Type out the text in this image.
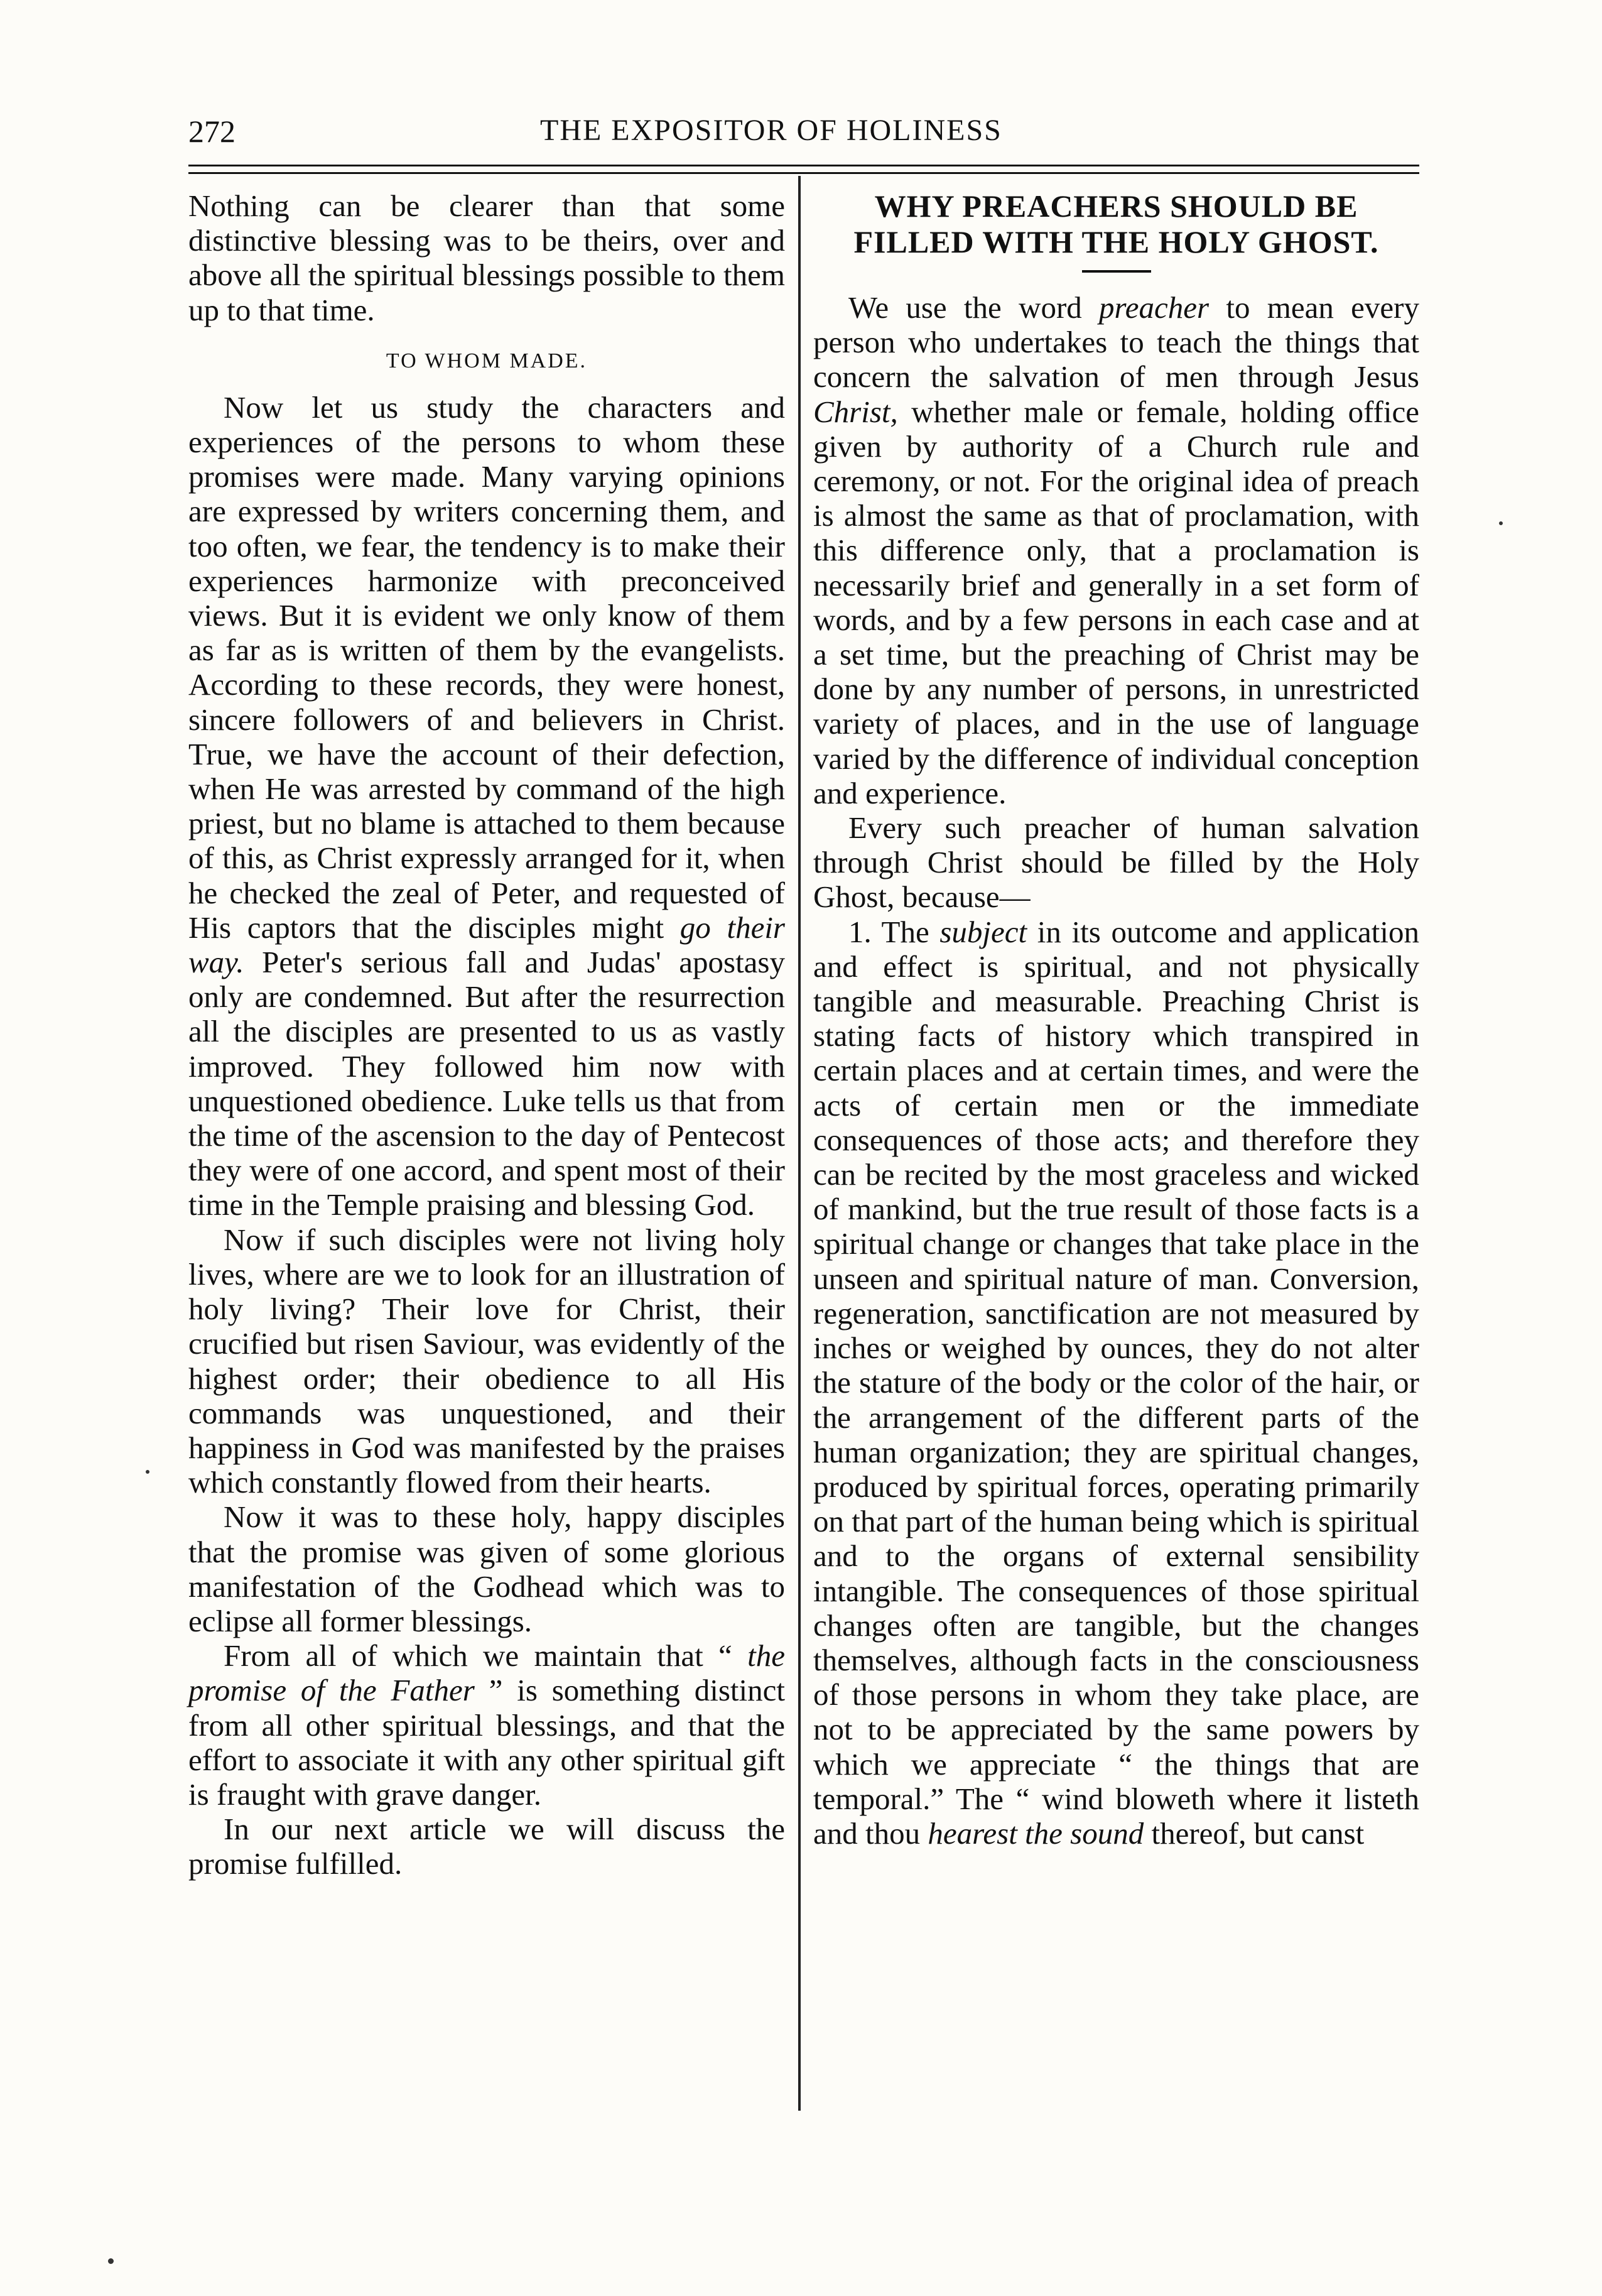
272	THE EXPOSITOR OF HOLINESS

Nothing can be clearer than that some distinctive blessing was to be theirs, over and above all the spiritual blessings possible to them up to that time.

TO WHOM MADE.

Now let us study the characters and experiences of the persons to whom these promises were made. Many varying opinions are expressed by writers concerning them, and too often, we fear, the tendency is to make their experiences harmonize with preconceived views. But it is evident we only know of them as far as is written of them by the evangelists. According to these records, they were honest, sincere followers of and believers in Christ. True, we have the account of their defection, when He was arrested by command of the high priest, but no blame is attached to them because of this, as Christ expressly arranged for it, when he checked the zeal of Peter, and requested of His captors that the disciples might go their way. Peter's serious fall and Judas' apostasy only are condemned. But after the resurrection all the disciples are presented to us as vastly improved. They followed him now with unquestioned obedience. Luke tells us that from the time of the ascension to the day of Pentecost they were of one accord, and spent most of their time in the Temple praising and blessing God.

Now if such disciples were not living holy lives, where are we to look for an illustration of holy living? Their love for Christ, their crucified but risen Saviour, was evidently of the highest order; their obedience to all His commands was unquestioned, and their happiness in God was manifested by the praises which constantly flowed from their hearts.

Now it was to these holy, happy disciples that the promise was given of some glorious manifestation of the Godhead which was to eclipse all former blessings.

From all of which we maintain that “ the promise of the Father ” is something distinct from all other spiritual blessings, and that the effort to associate it with any other spiritual gift is fraught with grave danger.

In our next article we will discuss the promise fulfilled.

WHY PREACHERS SHOULD BE FILLED WITH THE HOLY GHOST.

We use the word preacher to mean every person who undertakes to teach the things that concern the salvation of men through Jesus Christ, whether male or female, holding office given by authority of a Church rule and ceremony, or not. For the original idea of preach is almost the same as that of proclamation, with this difference only, that a proclamation is necessarily brief and generally in a set form of words, and by a few persons in each case and at a set time, but the preaching of Christ may be done by any number of persons, in unrestricted variety of places, and in the use of language varied by the difference of individual conception and experience.

Every such preacher of human salvation through Christ should be filled by the Holy Ghost, because—

1. The subject in its outcome and application and effect is spiritual, and not physically tangible and measurable. Preaching Christ is stating facts of history which transpired in certain places and at certain times, and were the acts of certain men or the immediate consequences of those acts; and therefore they can be recited by the most graceless and wicked of mankind, but the true result of those facts is a spiritual change or changes that take place in the unseen and spiritual nature of man. Conversion, regeneration, sanctification are not measured by inches or weighed by ounces, they do not alter the stature of the body or the color of the hair, or the arrangement of the different parts of the human organization; they are spiritual changes, produced by spiritual forces, operating primarily on that part of the human being which is spiritual and to the organs of external sensibility intangible. The consequences of those spiritual changes often are tangible, but the changes themselves, although facts in the consciousness of those persons in whom they take place, are not to be appreciated by the same powers by which we appreciate “ the things that are temporal.” The “ wind bloweth where it listeth and thou hearest the sound thereof, but canst
